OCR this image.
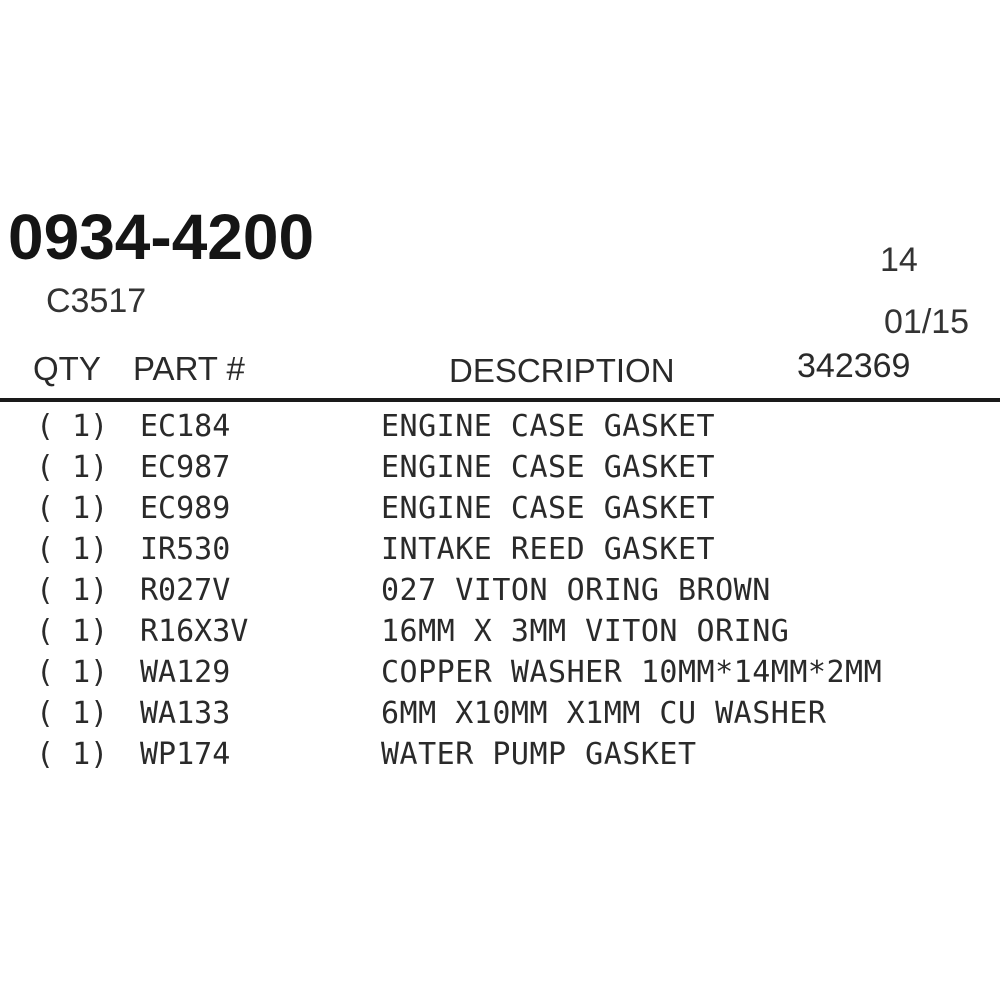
0934-4200
C3517
14
01/15
QTY PART #	DESCRIPTION	342369
( 1) EC184	ENGINE CASE GASKET
( 1) EC987	ENGINE CASE GASKET
( 1) EC989	ENGINE CASE GASKET
( 1) IR530	INTAKE REED GASKET
( 1) R027V	027 VITON ORING BROWN
( 1) R16X3V	16MM X 3MM VITON ORING
( 1) WA129	COPPER WASHER 10MM*14MM*2MM
( 1) WA133	6MM X10MM X1MM CU WASHER
( 1) WP174	WATER PUMP GASKET
